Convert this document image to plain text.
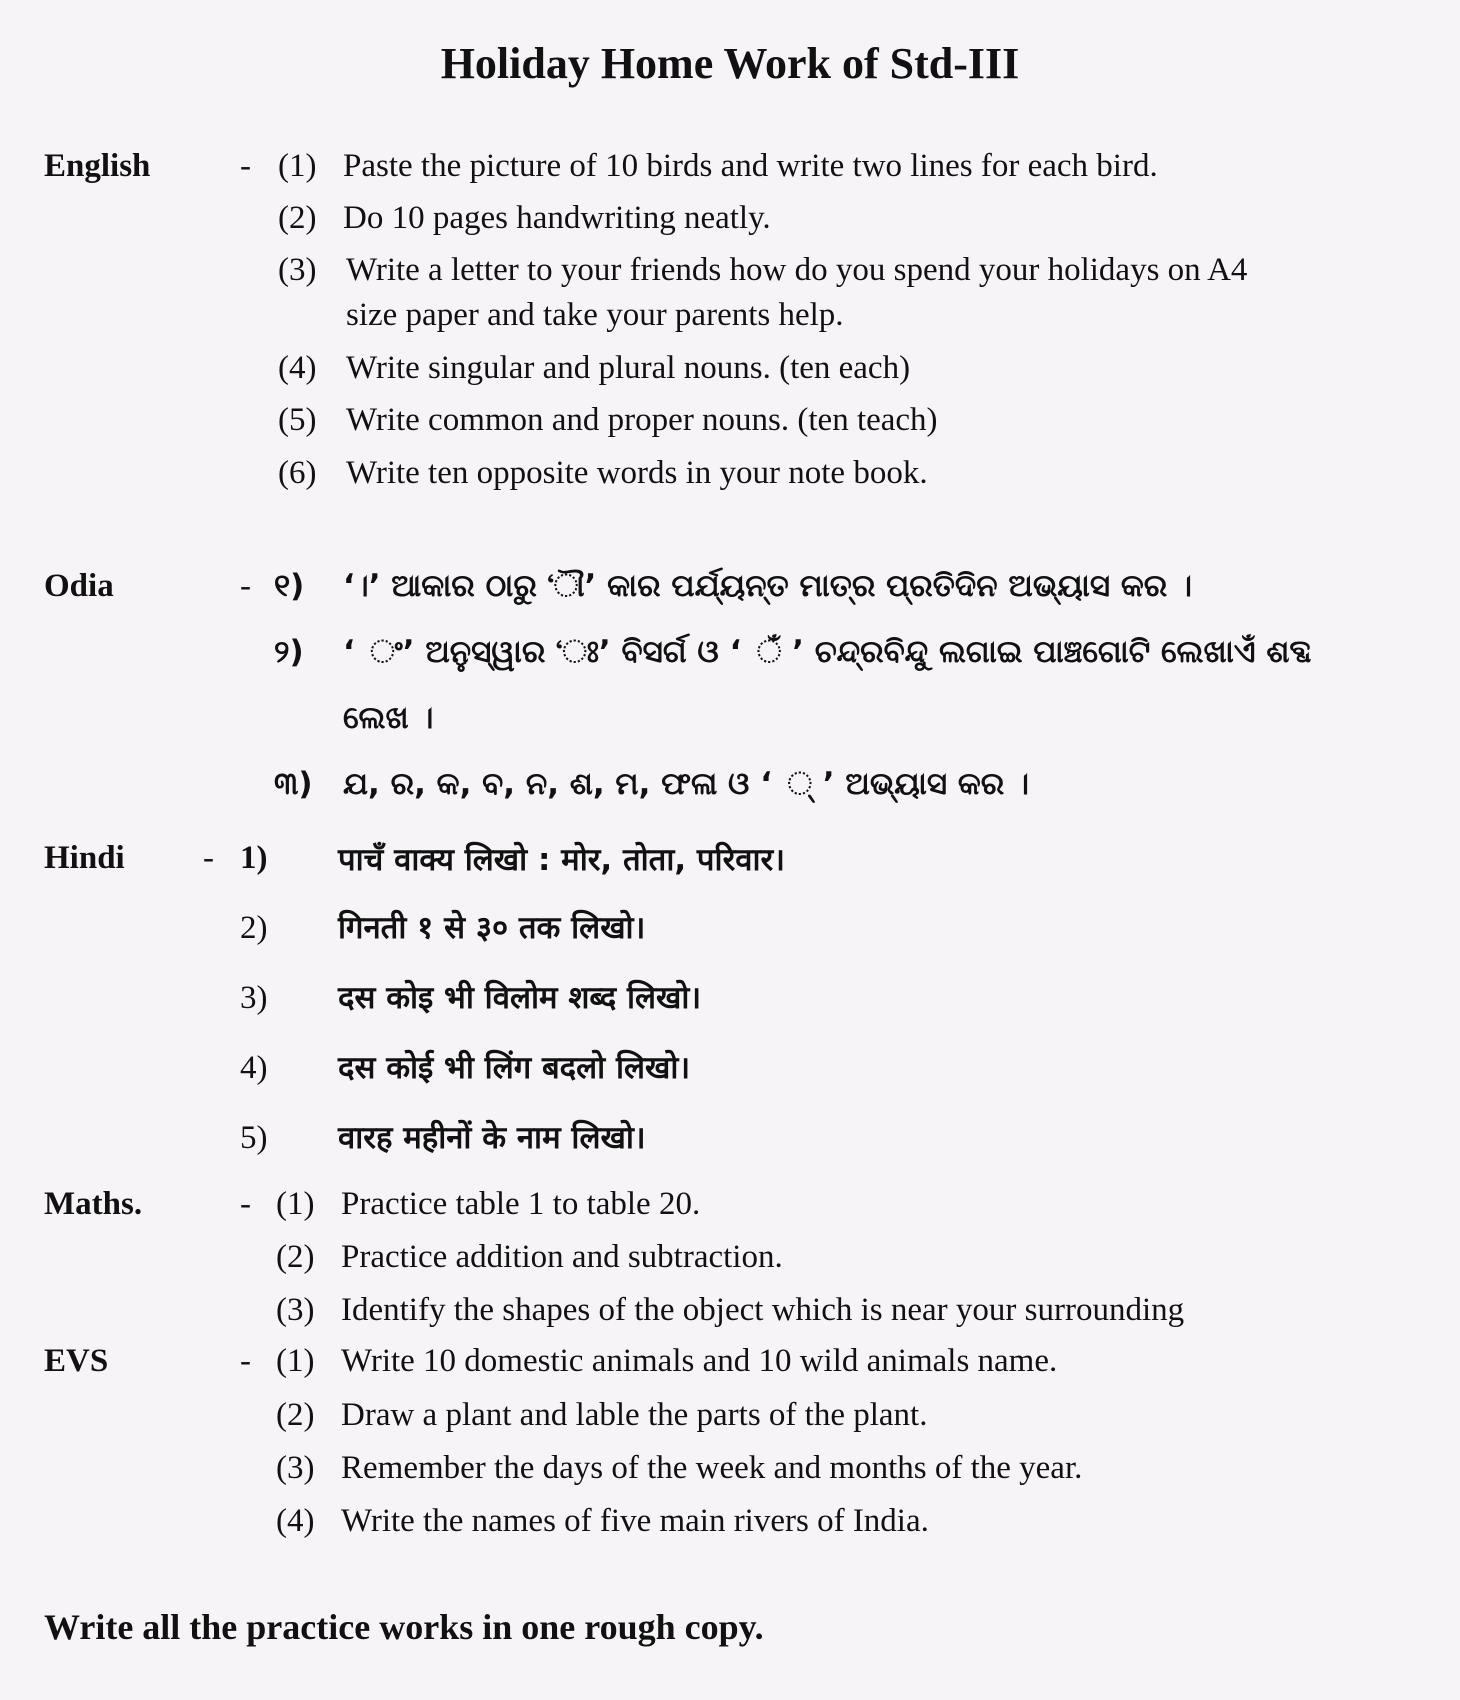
Holiday Home Work of Std-III
English	- (1) Paste the picture of 10 birds and write two lines for each bird.
(2) Do 10 pages handwriting neatly.
(3) Write a letter to your friends how do you spend your holidays on A4
size paper and take your parents help.
(4) Write singular and plural nouns. (ten each)
(5) Write common and proper nouns. (ten teach)
(6) Write ten opposite words in your note book.
Odia	- ୧) ‘।’ ଆକାର ଠାରୁ ‘ୗ’ କାର ପର୍ଯ୍ୟନ୍ତ ମାତ୍ର ପ୍ରତିଦିନ ଅଭ୍ୟାସ କର ।
୨) ‘ ଂ’ ଅନୁସ୍ୱାର ‘ଃ’ ବିସର୍ଗ ଓ ‘ ଁ ’ ଚନ୍ଦ୍ରବିନ୍ଦୁ ଲଗାଇ ପାଞ୍ଚଗୋଟି ଲେଖାଏଁ ଶବ୍ଦ
ଲେଖ ।
୩) ଯ, ର, କ, ବ, ନ, ଶ, ମ, ଫଳା ଓ ‘ ୍ ’ ଅଭ୍ୟାସ କର ।
Hindi - 1) पाचँ वाक्य लिखो : मोर, तोता, परिवार।
2) गिनती १ से ३० तक लिखो।
3) दस कोइ भी विलोम शब्द लिखो।
4) दस कोई भी लिंग बदलो लिखो।
5) वारह महीनों के नाम लिखो।
Maths.	- (1) Practice table 1 to table 20.
(2) Practice addition and subtraction.
(3) Identify the shapes of the object which is near your surrounding
EVS	- (1) Write 10 domestic animals and 10 wild animals name.
(2) Draw a plant and lable the parts of the plant.
(3) Remember the days of the week and months of the year.
(4) Write the names of five main rivers of India.
Write all the practice works in one rough copy.
